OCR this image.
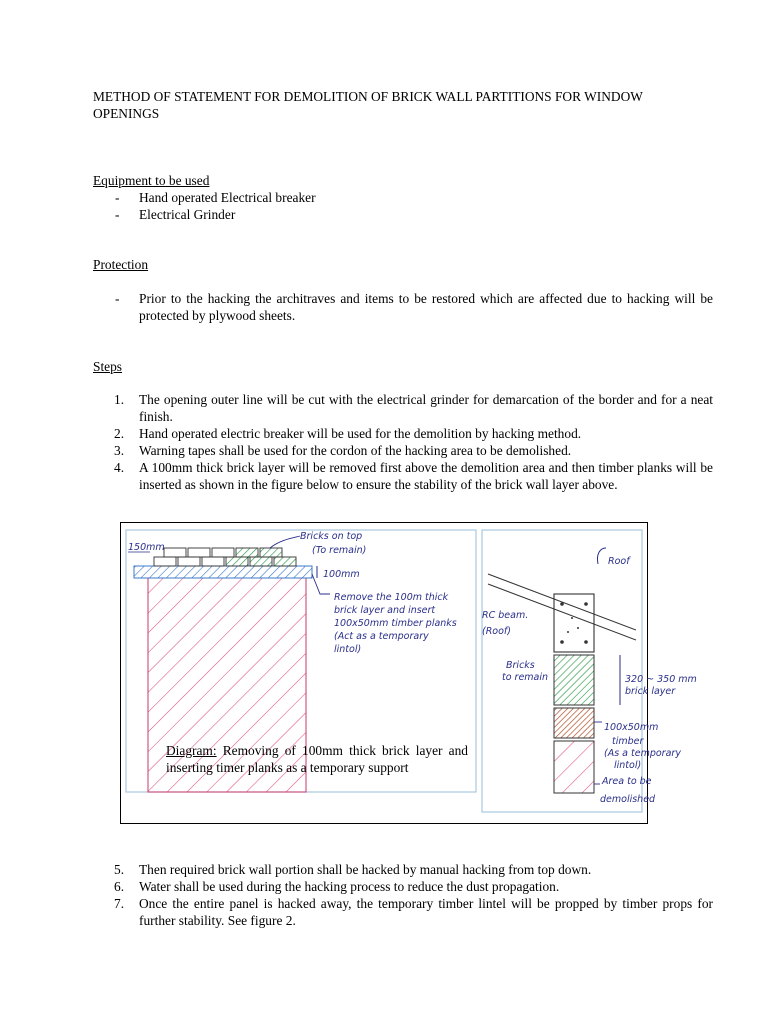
METHOD OF STATEMENT FOR DEMOLITION OF BRICK WALL PARTITIONS FOR WINDOW OPENINGS
Equipment to be used
- Hand operated Electrical breaker
- Electrical Grinder
Protection
- Prior to the hacking the architraves and items to be restored which are affected due to hacking will be protected by plywood sheets.
Steps
1. The opening outer line will be cut with the electrical grinder for demarcation of the border and for a neat finish.
2. Hand operated electric breaker will be used for the demolition by hacking method.
3. Warning tapes shall be used for the cordon of the hacking area to be demolished.
4. A 100mm thick brick layer will be removed first above the demolition area and then timber planks will be inserted as shown in the figure below to ensure the stability of the brick wall layer above.
150mm
Bricks on top
(To remain)
100mm
Remove the 100m thick
brick layer and insert
100x50mm timber planks
(Act as a temporary
lintol)
Roof
RC beam.
(Roof)
Bricks
to remain	320 ~ 350 mm
brick layer
100x50mm
timber
(As a temporary
lintol)
Area to be
demolished
Diagram: Removing of 100mm thick brick layer and inserting timer planks as a temporary support
5. Then required brick wall portion shall be hacked by manual hacking from top down.
6. Water shall be used during the hacking process to reduce the dust propagation.
7. Once the entire panel is hacked away, the temporary timber lintel will be propped by timber props for further stability. See figure 2.
